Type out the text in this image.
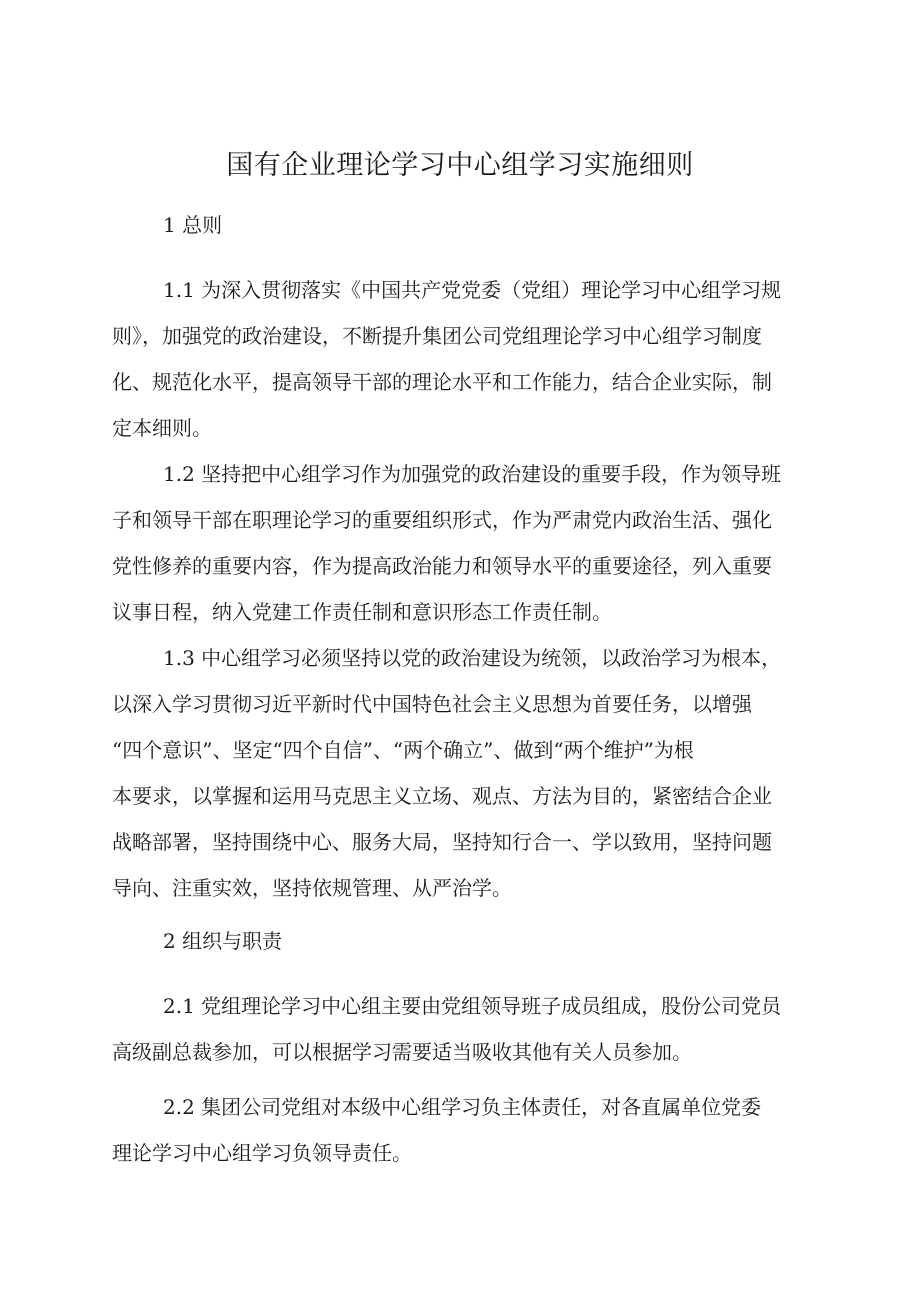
国有企业理论学习中心组学习实施细则
1 总则
1.1 为深入贯彻落实《中国共产党党委（党组）理论学习中心组学习规
则》，加强党的政治建设，不断提升集团公司党组理论学习中心组学习制度
化、规范化水平，提高领导干部的理论水平和工作能力，结合企业实际，制
定本细则。
1.2 坚持把中心组学习作为加强党的政治建设的重要手段，作为领导班
子和领导干部在职理论学习的重要组织形式，作为严肃党内政治生活、强化
党性修养的重要内容，作为提高政治能力和领导水平的重要途径，列入重要
议事日程，纳入党建工作责任制和意识形态工作责任制。
1.3 中心组学习必须坚持以党的政治建设为统领，以政治学习为根本，
以深入学习贯彻习近平新时代中国特色社会主义思想为首要任务，以增强
“四个意识”、坚定“四个自信”、“两个确立”、做到“两个维护”为根
本要求，以掌握和运用马克思主义立场、观点、方法为目的，紧密结合企业
战略部署，坚持围绕中心、服务大局，坚持知行合一、学以致用，坚持问题
导向、注重实效，坚持依规管理、从严治学。
2 组织与职责
2.1 党组理论学习中心组主要由党组领导班子成员组成，股份公司党员
高级副总裁参加，可以根据学习需要适当吸收其他有关人员参加。
2.2 集团公司党组对本级中心组学习负主体责任，对各直属单位党委
理论学习中心组学习负领导责任。
